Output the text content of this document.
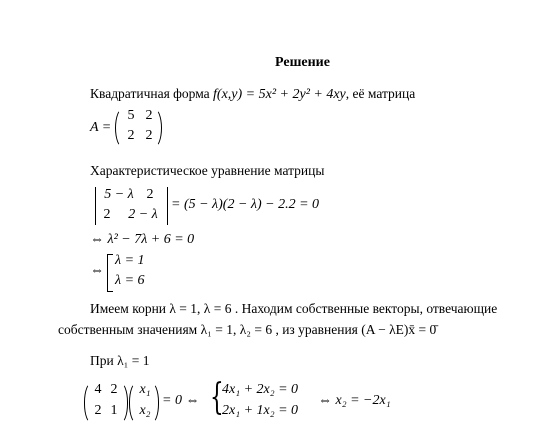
Решение
Квадратичная форма f(x,y) = 5x² + 2y² + 4xy, её матрица
A =
5 2
2 2
Характеристическое уравнение матрицы
5 − λ 2
2	2 − λ
= (5 − λ)(2 − λ) − 2.2 = 0
⇔ λ² − 7λ + 6 = 0
⇔
λ = 1
λ = 6
Имеем корни λ = 1, λ = 6 . Находим собственные векторы, отвечающие
собственным значениям λ₁ = 1, λ₂ = 6 , из уравнения (A − λE)x̄ = 0̄
При λ₁ = 1
4 2
2 1
x₁
x₂
= 0 ⇔ {
4x₁ + 2x₂ = 0
2x₁ + 1x₂ = 0
⇔ x₂ = −2x₁
